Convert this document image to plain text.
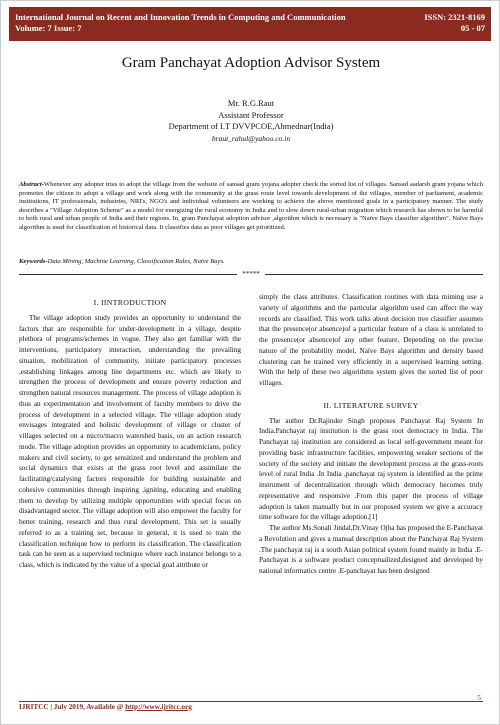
International Journal on Recent and Innovation Trends in Computing and Communication
Volume: 7 Issue: 7
ISSN: 2321-8169
05 - 07
Gram Panchayat Adoption Advisor System
Mr. R.G.Raut
Assistant Professor
Department of I.T DVVPCOE,Ahmednar(India)
braut_rahul@yahoo.co.in
Abstract-Whenever any adopter tries to adopt the village from the website of sansad gram yojana adopter check the sorted list of villages. Sansad aadarsh gram yojana which promotes the citizen to adopt a village and work along with the community at the grass route level towards development of the villages, member of parliament, academic institutions, IT professionals, industries, NRI's, NGO's and individual volunteers are working to achieve the above mentioned goals in a participatory manner. The study describes a "Village Adoption Scheme" as a model for energizing the rural economy in India and to slow down rural-urban migration which research has shown to be harmful to both rural and urban people of India and their regions. In, gram Panchayat adoption advisor ,algorithm which is necessary is "Naïve Bays classifier algorithm". Naïve Bays algorithm is used for classification of historical data. It classifies data as poor villages get prioritized.
Keywords-Data Mining, Machine Learning, Classification Rules, Naïve Bays.
*****
I. IINTRODUCTION

The village adoption study provides an opportunity to understand the factors that are responsible for under-development in a village, despite plethora of programs/schemes in vogue. They also get familiar with the interventions, participatory interaction, understanding the prevailing situation, mobilization of community, initiate participatory processes ,establishing linkages among line departments etc. which are likely to strengthen the process of development and ensure poverty reduction and strengthen natural resources management. The process of village adoption is thus an experimentation and involvement of faculty members to drive the process of development in a selected village. The village adoption study envisages integrated and holistic development of village or cluster of villages selected on a micro/macro watershed basis, on an action research mode. The village adoption provides an opportunity to academicians, policy makers and civil society, to get sensitized and understand the problem and social dynamics that exists at the grass root level and assimilate the facilitating/catalysing factors responsible for building sustainable and cohesive communities through inspiring ,igniting, educating and enabling them to develop by utilizing multiple opportunities with special focus on disadvantaged sector. The village adoption will also empower the faculty for better training, research and thus rural development. This set is usually referred to as a training set, because in general, it is used to train the classification technique how to perform its classification. The classification task can be seen as a supervised technique where each instance belongs to a class, which is indicated by the value of a special goal attribute or

simply the class attributes. Classification routines with data miming use a variety of algorithms and the particular algorithm used can affect the way records are classified. This work talks about decision tree classifier assumes that the presence(or absence)of a particular feature of a class is unrelated to the presence(or absence)of any other feature. Depending on the precise nature of the probability model, Naïve Bays algorithm and density based clustering can be trained very efficiently in a supervised learning setting. With the help of these two algorithms system gives the sorted list of poor villages.

II. LITERATURE SURVEY

The author Dr.Rajinder Singh proposes Panchayat Raj System In India.Panchayat raj institution is the grass root democracy in India. The Panchayat raj institution are considered as local self-government meant for providing basic infrastructure facilities, empowering weaker sections of the society of the society and initiate the development process at the grass-roots level of rural India .In India ,panchayat raj system is identified as the prime instrument of decentralization through which democracy becomes truly representative and responsive .From this paper the process of village adoption is taken manually but in our proposed system we give a accuracy time software for the village adoption.[1]

The author Ms.Sonali Jindal,Dr.Vinay Ojha has proposed the E-Panchayat a Revolution and gives a manual description about the Panchayat Raj System .The panchayat raj is a south Asian political system found mainly in India .E-Panchayat is a software product conceptualized,designed and developed by national informatics centre .E-panchayat has been designed

5
IJRITCC | July 2019, Available @ http://www.ijritcc.org
